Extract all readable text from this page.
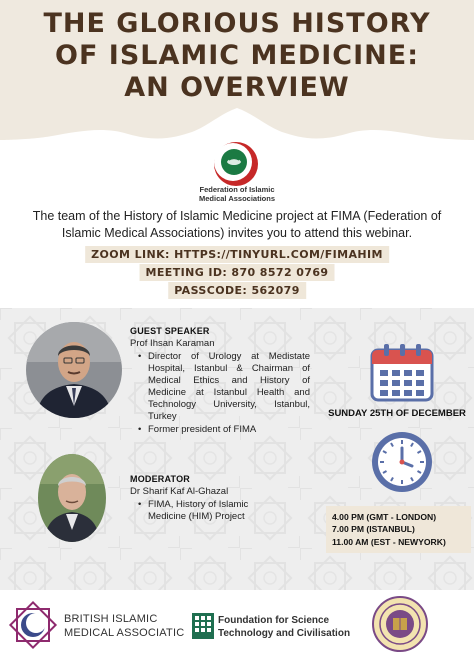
THE GLORIOUS HISTORY
OF ISLAMIC MEDICINE:
AN OVERVIEW
Federation of Islamic
Medical Associations
The team of the History of Islamic Medicine project at FIMA (Federation of Islamic Medical Associations) invites you to attend this webinar.
ZOOM LINK: HTTPS://TINYURL.COM/FIMAHIM
MEETING ID: 870 8572 0769
PASSCODE: 562079
GUEST SPEAKER
Prof Ihsan Karaman
• Director of Urology at Medistate Hospital, Istanbul & Chairman of Medical Ethics and History of Medicine at Istanbul Health and Technology University, Istanbul, Turkey
• Former president of FIMA
MODERATOR
Dr Sharif Kaf Al-Ghazal
• FIMA, History of Islamic Medicine (HIM) Project
SUNDAY 25TH OF DECEMBER
4.00 PM (GMT - LONDON)
7.00 PM (ISTANBUL)
11.00 AM (EST - NEWYORK)
BRITISH ISLAMIC
MEDICAL ASSOCIATIC
Foundation for Science
Technology and Civilisation
